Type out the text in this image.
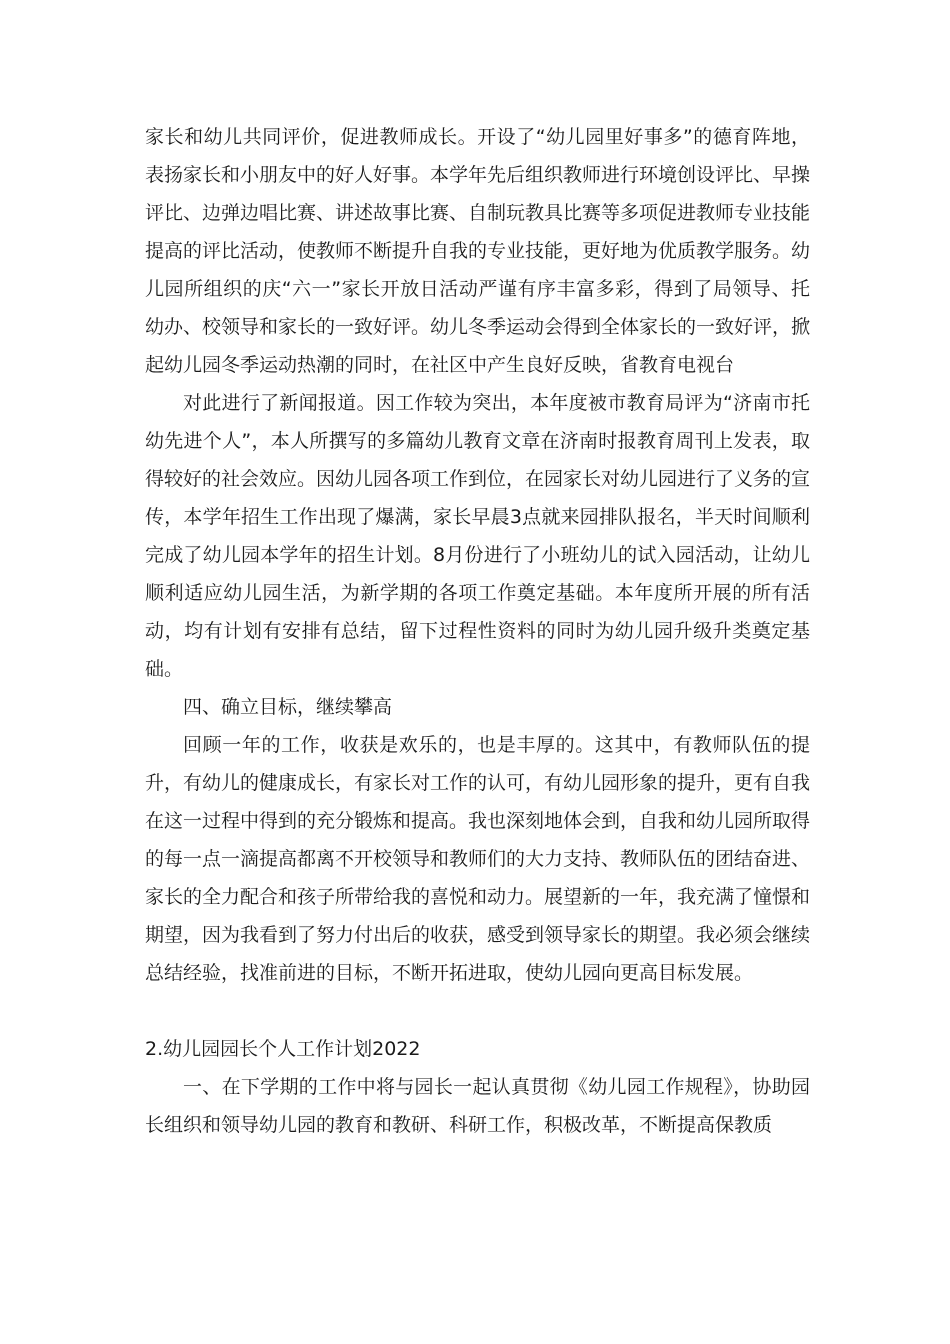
家长和幼儿共同评价，促进教师成长。开设了“幼儿园里好事多”的德育阵地，表扬家长和小朋友中的好人好事。本学年先后组织教师进行环境创设评比、早操评比、边弹边唱比赛、讲述故事比赛、自制玩教具比赛等多项促进教师专业技能提高的评比活动，使教师不断提升自我的专业技能，更好地为优质教学服务。幼儿园所组织的庆“六一”家长开放日活动严谨有序丰富多彩，得到了局领导、托幼办、校领导和家长的一致好评。幼儿冬季运动会得到全体家长的一致好评，掀起幼儿园冬季运动热潮的同时，在社区中产生良好反映，省教育电视台

对此进行了新闻报道。因工作较为突出，本年度被市教育局评为“济南市托幼先进个人”，本人所撰写的多篇幼儿教育文章在济南时报教育周刊上发表，取得较好的社会效应。因幼儿园各项工作到位，在园家长对幼儿园进行了义务的宣传，本学年招生工作出现了爆满，家长早晨3点就来园排队报名，半天时间顺利完成了幼儿园本学年的招生计划。8月份进行了小班幼儿的试入园活动，让幼儿顺利适应幼儿园生活，为新学期的各项工作奠定基础。本年度所开展的所有活动，均有计划有安排有总结，留下过程性资料的同时为幼儿园升级升类奠定基础。

四、确立目标，继续攀高

回顾一年的工作，收获是欢乐的，也是丰厚的。这其中，有教师队伍的提升，有幼儿的健康成长，有家长对工作的认可，有幼儿园形象的提升，更有自我在这一过程中得到的充分锻炼和提高。我也深刻地体会到，自我和幼儿园所取得的每一点一滴提高都离不开校领导和教师们的大力支持、教师队伍的团结奋进、家长的全力配合和孩子所带给我的喜悦和动力。展望新的一年，我充满了憧憬和期望，因为我看到了努力付出后的收获，感受到领导家长的期望。我必须会继续总结经验，找准前进的目标，不断开拓进取，使幼儿园向更高目标发展。

2.幼儿园园长个人工作计划2022

一、在下学期的工作中将与园长一起认真贯彻《幼儿园工作规程》，协助园长组织和领导幼儿园的教育和教研、科研工作，积极改革，不断提高保教质
